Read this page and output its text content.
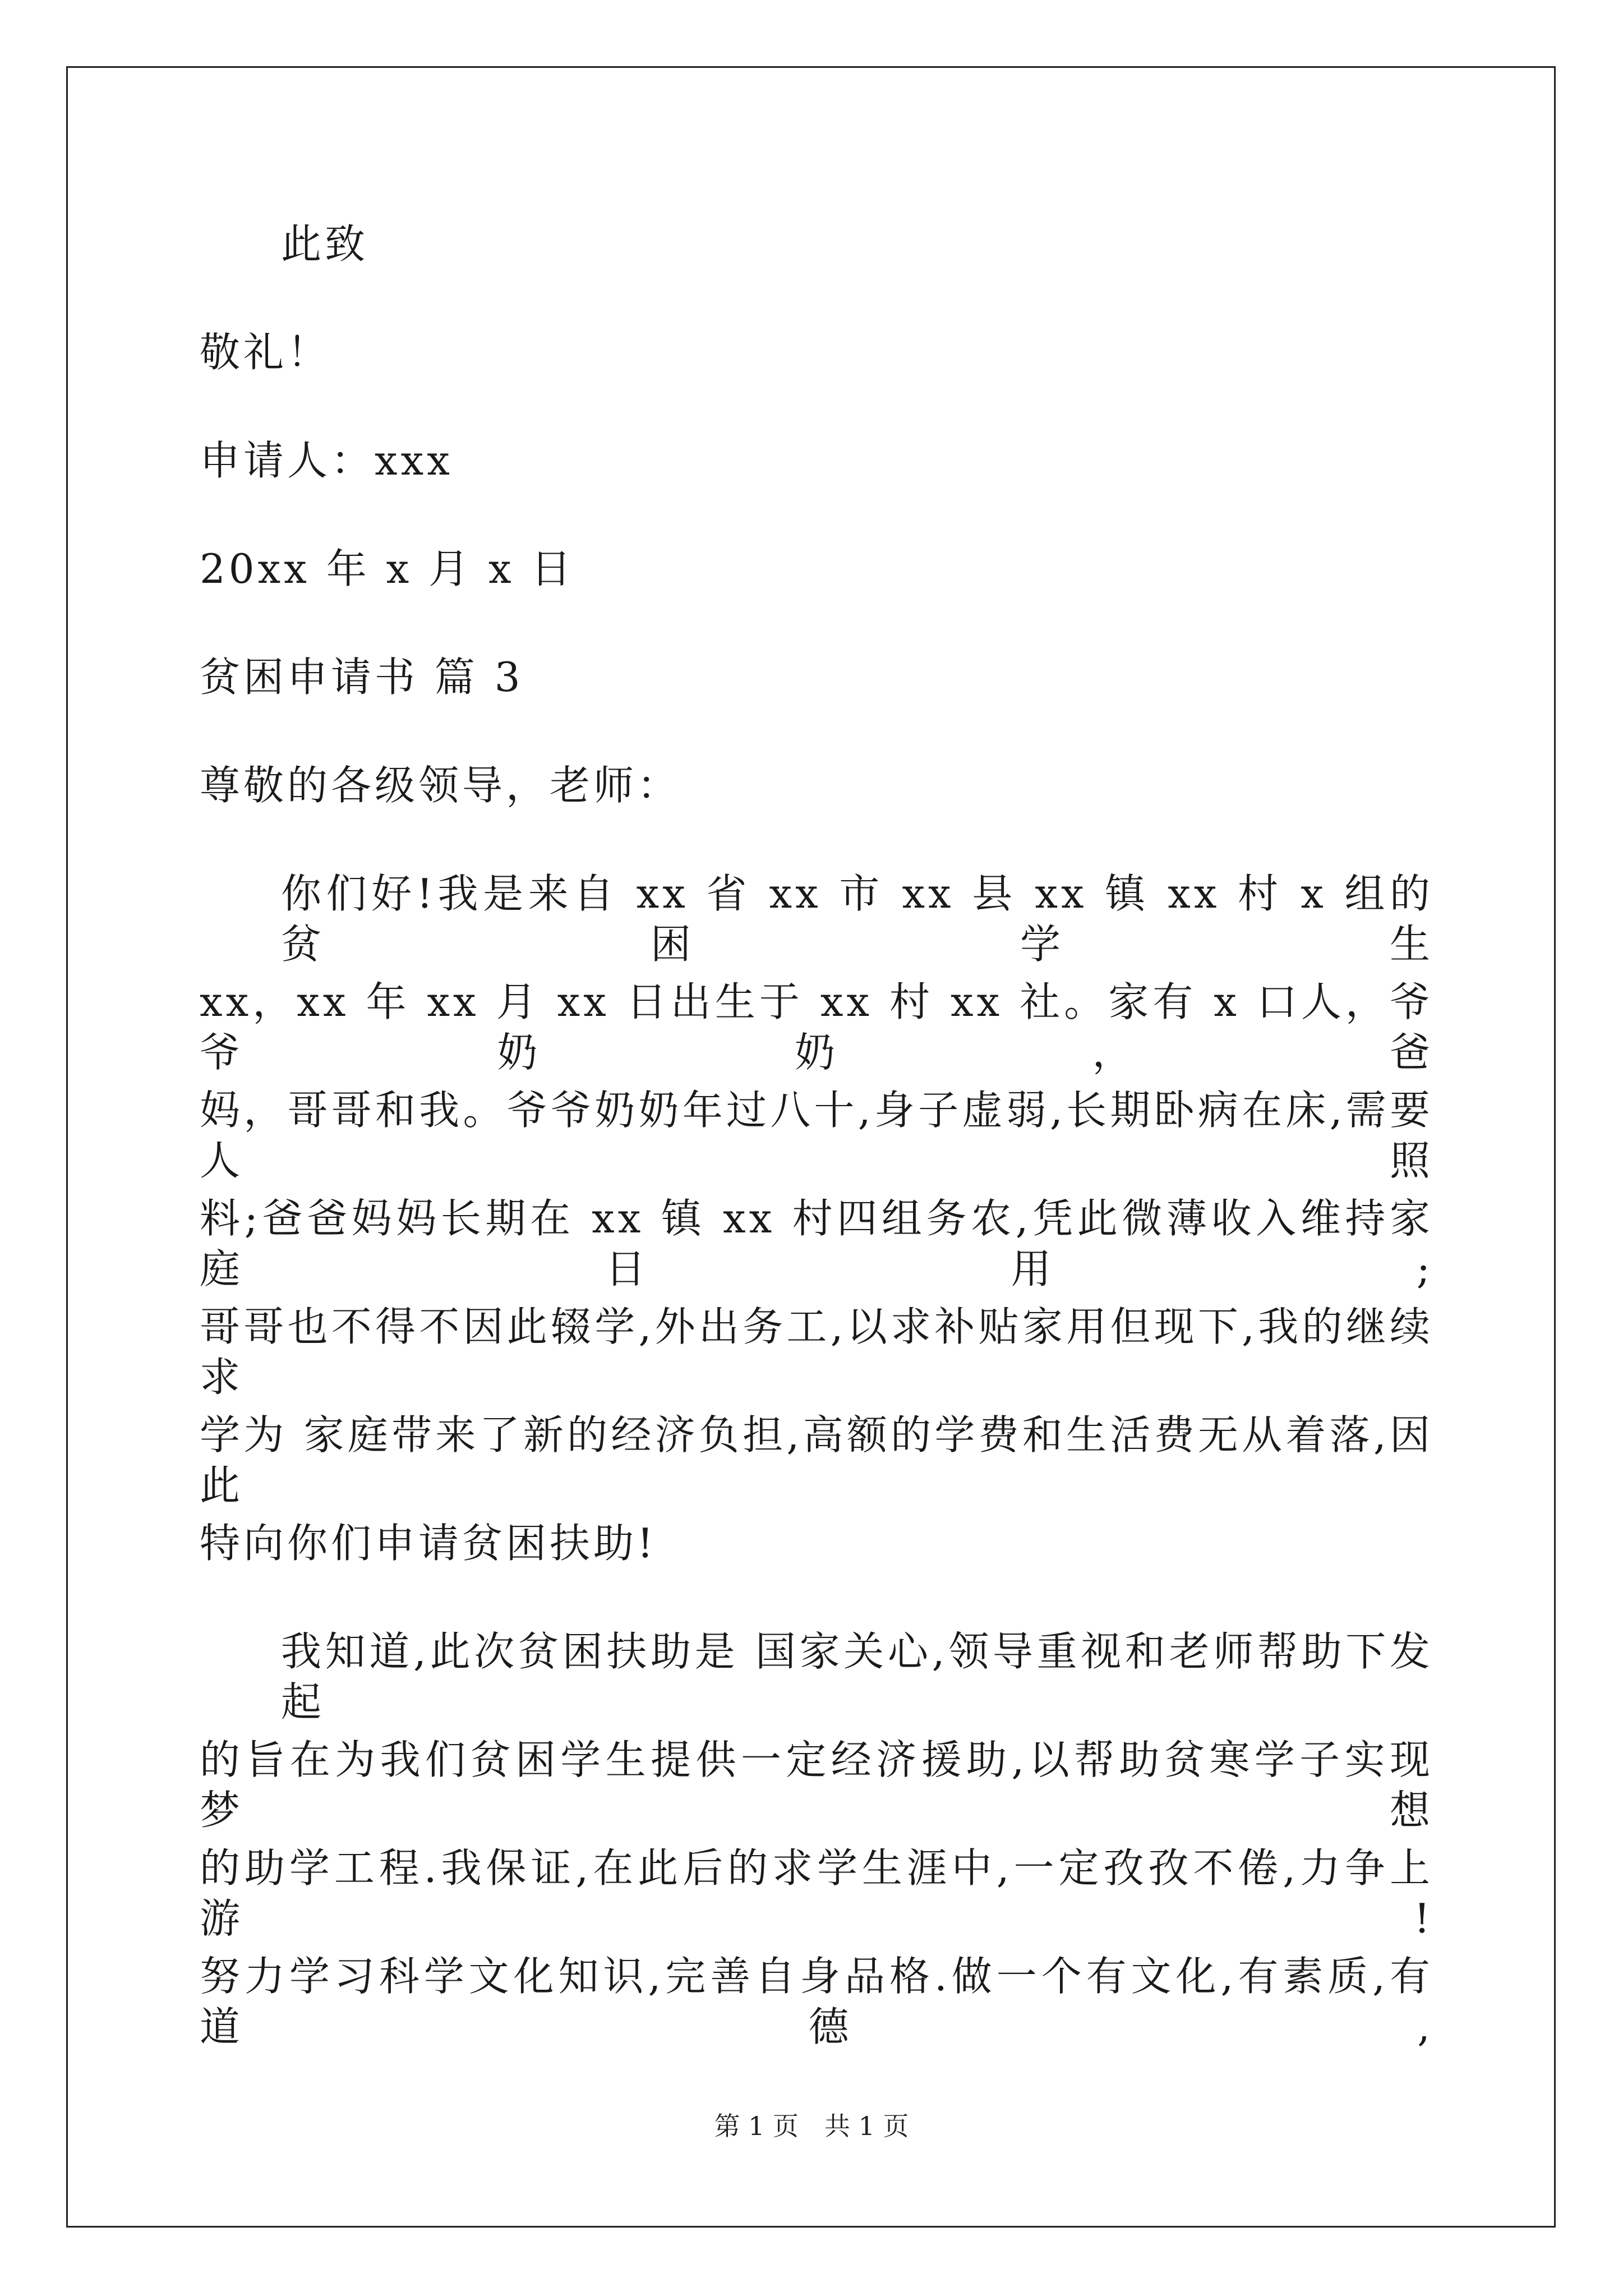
此致
敬礼！
申请人：xxx
20xx 年 x 月 x 日
贫困申请书 篇 3
尊敬的各级领导，老师：
你们好!我是来自 xx 省 xx 市 xx 县 xx 镇 xx 村 x 组的贫困学生
xx，xx 年 xx 月 xx 日出生于 xx 村 xx 社。家有 x 口人，爷爷奶奶，爸
妈，哥哥和我。爷爷奶奶年过八十,身子虚弱,长期卧病在床,需要人照
料;爸爸妈妈长期在 xx 镇 xx 村四组务农,凭此微薄收入维持家庭日用;
哥哥也不得不因此辍学,外出务工,以求补贴家用但现下,我的继续求
学为 家庭带来了新的经济负担,高额的学费和生活费无从着落,因此
特向你们申请贫困扶助!
我知道,此次贫困扶助是 国家关心,领导重视和老师帮助下发起
的旨在为我们贫困学生提供一定经济援助,以帮助贫寒学子实现梦想
的助学工程.我保证,在此后的求学生涯中,一定孜孜不倦,力争上游!
努力学习科学文化知识,完善自身品格.做一个有文化,有素质,有道德,
第 1 页　共 1 页
